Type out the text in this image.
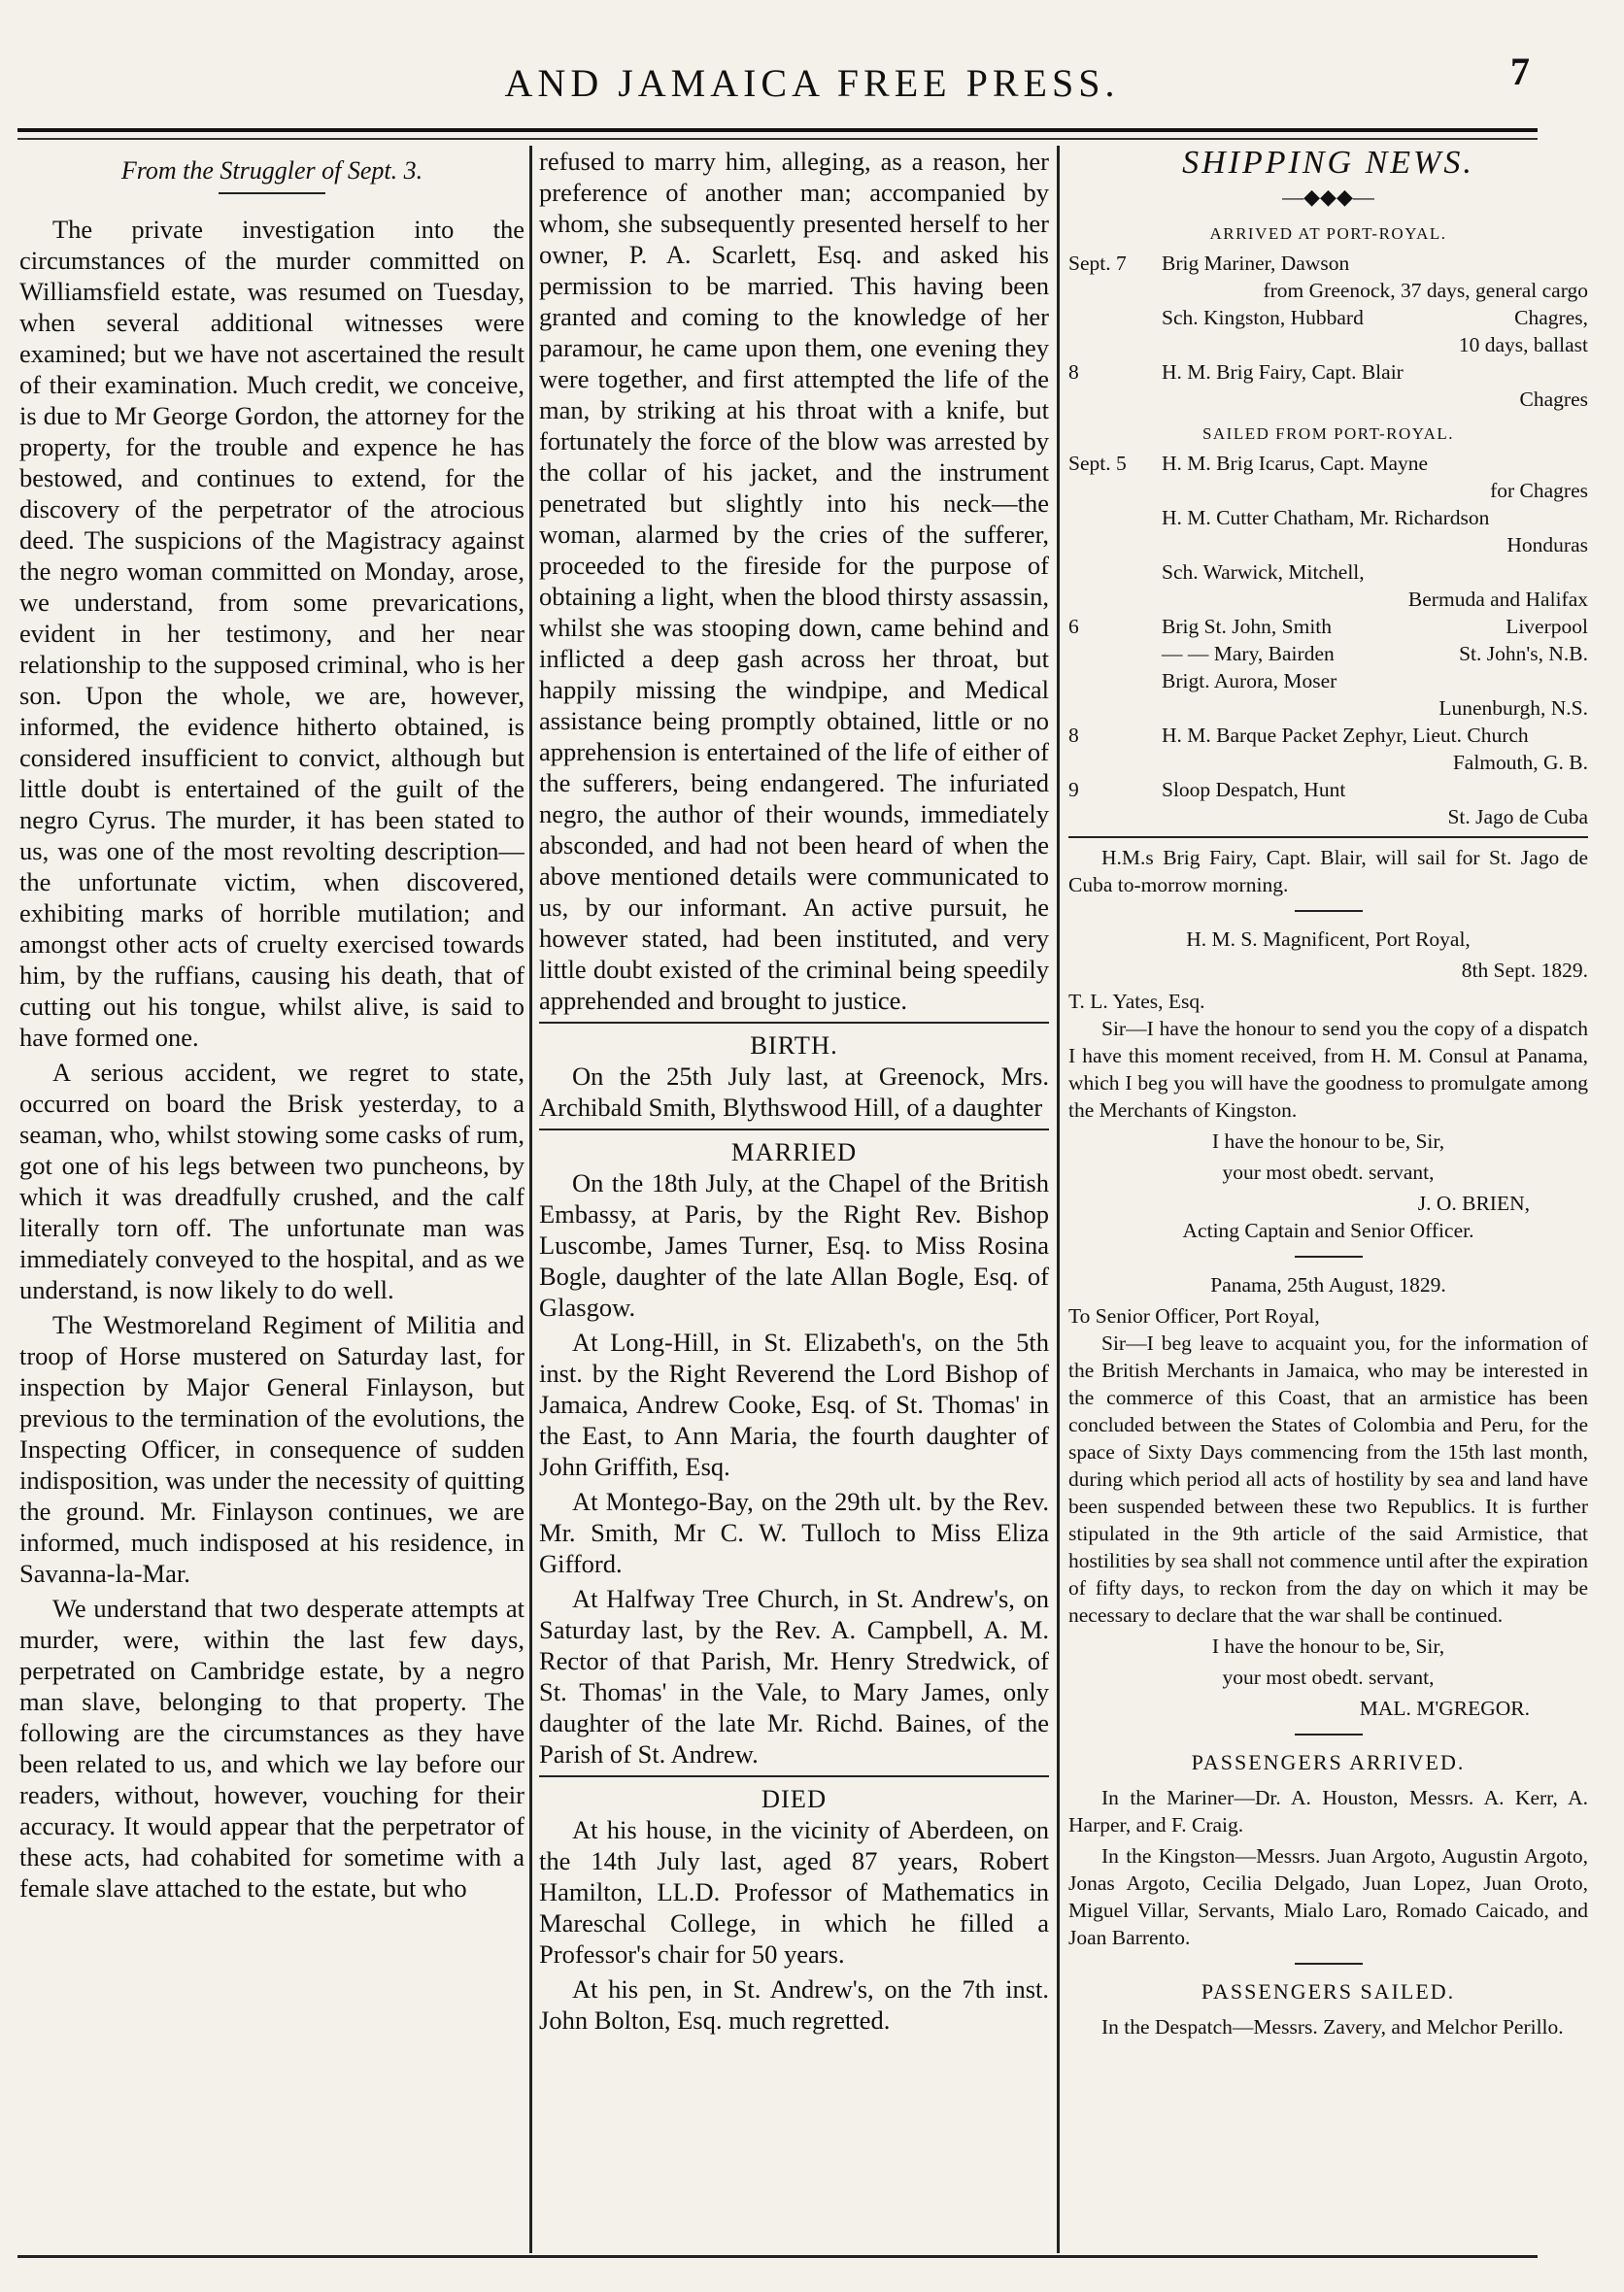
AND JAMAICA FREE PRESS.	7

From the Struggler of Sept. 3.

The private investigation into the circumstances of the murder committed on Williamsfield estate, was resumed on Tuesday, when several additional witnesses were examined; but we have not ascertained the result of their examination. Much credit, we conceive, is due to Mr George Gordon, the attorney for the property, for the trouble and expence he has bestowed, and continues to extend, for the discovery of the perpetrator of the atrocious deed. The suspicions of the Magistracy against the negro woman committed on Monday, arose, we understand, from some prevarications, evident in her testimony, and her near relationship to the supposed criminal, who is her son. Upon the whole, we are, however, informed, the evidence hitherto obtained, is considered insufficient to convict, although but little doubt is entertained of the guilt of the negro Cyrus. The murder, it has been stated to us, was one of the most revolting description—the unfortunate victim, when discovered, exhibiting marks of horrible mutilation; and amongst other acts of cruelty exercised towards him, by the ruffians, causing his death, that of cutting out his tongue, whilst alive, is said to have formed one.

A serious accident, we regret to state, occurred on board the Brisk yesterday, to a seaman, who, whilst stowing some casks of rum, got one of his legs between two puncheons, by which it was dreadfully crushed, and the calf literally torn off. The unfortunate man was immediately conveyed to the hospital, and as we understand, is now likely to do well.

The Westmoreland Regiment of Militia and troop of Horse mustered on Saturday last, for inspection by Major General Finlayson, but previous to the termination of the evolutions, the Inspecting Officer, in consequence of sudden indisposition, was under the necessity of quitting the ground. Mr. Finlayson continues, we are informed, much indisposed at his residence, in Savanna-la-Mar.

We understand that two desperate attempts at murder, were, within the last few days, perpetrated on Cambridge estate, by a negro man slave, belonging to that property. The following are the circumstances as they have been related to us, and which we lay before our readers, without, however, vouching for their accuracy. It would appear that the perpetrator of these acts, had cohabited for sometime with a female slave attached to the estate, but who

refused to marry him, alleging, as a reason, her preference of another man; accompanied by whom, she subsequently presented herself to her owner, P. A. Scarlett, Esq. and asked his permission to be married. This having been granted and coming to the knowledge of her paramour, he came upon them, one evening they were together, and first attempted the life of the man, by striking at his throat with a knife, but fortunately the force of the blow was arrested by the collar of his jacket, and the instrument penetrated but slightly into his neck—the woman, alarmed by the cries of the sufferer, proceeded to the fireside for the purpose of obtaining a light, when the blood thirsty assassin, whilst she was stooping down, came behind and inflicted a deep gash across her throat, but happily missing the windpipe, and Medical assistance being promptly obtained, little or no apprehension is entertained of the life of either of the sufferers, being endangered. The infuriated negro, the author of their wounds, immediately absconded, and had not been heard of when the above mentioned details were communicated to us, by our informant. An active pursuit, he however stated, had been instituted, and very little doubt existed of the criminal being speedily apprehended and brought to justice.

BIRTH.

On the 25th July last, at Greenock, Mrs. Archibald Smith, Blythswood Hill, of a daughter

MARRIED

On the 18th July, at the Chapel of the British Embassy, at Paris, by the Right Rev. Bishop Luscombe, James Turner, Esq. to Miss Rosina Bogle, daughter of the late Allan Bogle, Esq. of Glasgow.

At Long-Hill, in St. Elizabeth's, on the 5th inst. by the Right Reverend the Lord Bishop of Jamaica, Andrew Cooke, Esq. of St. Thomas' in the East, to Ann Maria, the fourth daughter of John Griffith, Esq.

At Montego-Bay, on the 29th ult. by the Rev. Mr. Smith, Mr C. W. Tulloch to Miss Eliza Gifford.

At Halfway Tree Church, in St. Andrew's, on Saturday last, by the Rev. A. Campbell, A. M. Rector of that Parish, Mr. Henry Stredwick, of St. Thomas' in the Vale, to Mary James, only daughter of the late Mr. Richd. Baines, of the Parish of St. Andrew.

DIED

At his house, in the vicinity of Aberdeen, on the 14th July last, aged 87 years, Robert Hamilton, LL.D. Professor of Mathematics in Mareschal College, in which he filled a Professor's chair for 50 years.

At his pen, in St. Andrew's, on the 7th inst. John Bolton, Esq. much regretted.

SHIPPING NEWS.
—◆◆◆—
ARRIVED AT PORT-ROYAL.
Sept. 7	Brig Mariner, Dawson
from Greenock, 37 days, general cargo
Sch. Kingston, Hubbard	Chagres,
10 days, ballast
8	H. M. Brig Fairy, Capt. Blair
Chagres
SAILED FROM PORT-ROYAL.
Sept. 5	H. M. Brig Icarus, Capt. Mayne
for Chagres
H. M. Cutter Chatham, Mr. Richardson
Honduras
Sch. Warwick, Mitchell,
Bermuda and Halifax
6	Brig St. John, Smith	Liverpool
— — Mary, Bairden	St. John's, N.B.
Brigt. Aurora, Moser
Lunenburgh, N.S.
8	H. M. Barque Packet Zephyr, Lieut. Church
Falmouth, G. B.
9	Sloop Despatch, Hunt
St. Jago de Cuba

H.M.s Brig Fairy, Capt. Blair, will sail for St. Jago de Cuba to-morrow morning.

H. M. S. Magnificent, Port Royal,

8th Sept. 1829.

T. L. Yates, Esq.

Sir—I have the honour to send you the copy of a dispatch I have this moment received, from H. M. Consul at Panama, which I beg you will have the goodness to promulgate among the Merchants of Kingston.

I have the honour to be, Sir,

your most obedt. servant,

J. O. BRIEN,

Acting Captain and Senior Officer.

Panama, 25th August, 1829.

To Senior Officer, Port Royal,

Sir—I beg leave to acquaint you, for the information of the British Merchants in Jamaica, who may be interested in the commerce of this Coast, that an armistice has been concluded between the States of Colombia and Peru, for the space of Sixty Days commencing from the 15th last month, during which period all acts of hostility by sea and land have been suspended between these two Republics. It is further stipulated in the 9th article of the said Armistice, that hostilities by sea shall not commence until after the expiration of fifty days, to reckon from the day on which it may be necessary to declare that the war shall be continued.

I have the honour to be, Sir,

your most obedt. servant,

MAL. M'GREGOR.

PASSENGERS ARRIVED.

In the Mariner—Dr. A. Houston, Messrs. A. Kerr, A. Harper, and F. Craig.

In the Kingston—Messrs. Juan Argoto, Augustin Argoto, Jonas Argoto, Cecilia Delgado, Juan Lopez, Juan Oroto, Miguel Villar, Servants, Mialo Laro, Romado Caicado, and Joan Barrento.

PASSENGERS SAILED.

In the Despatch—Messrs. Zavery, and Melchor Perillo.
